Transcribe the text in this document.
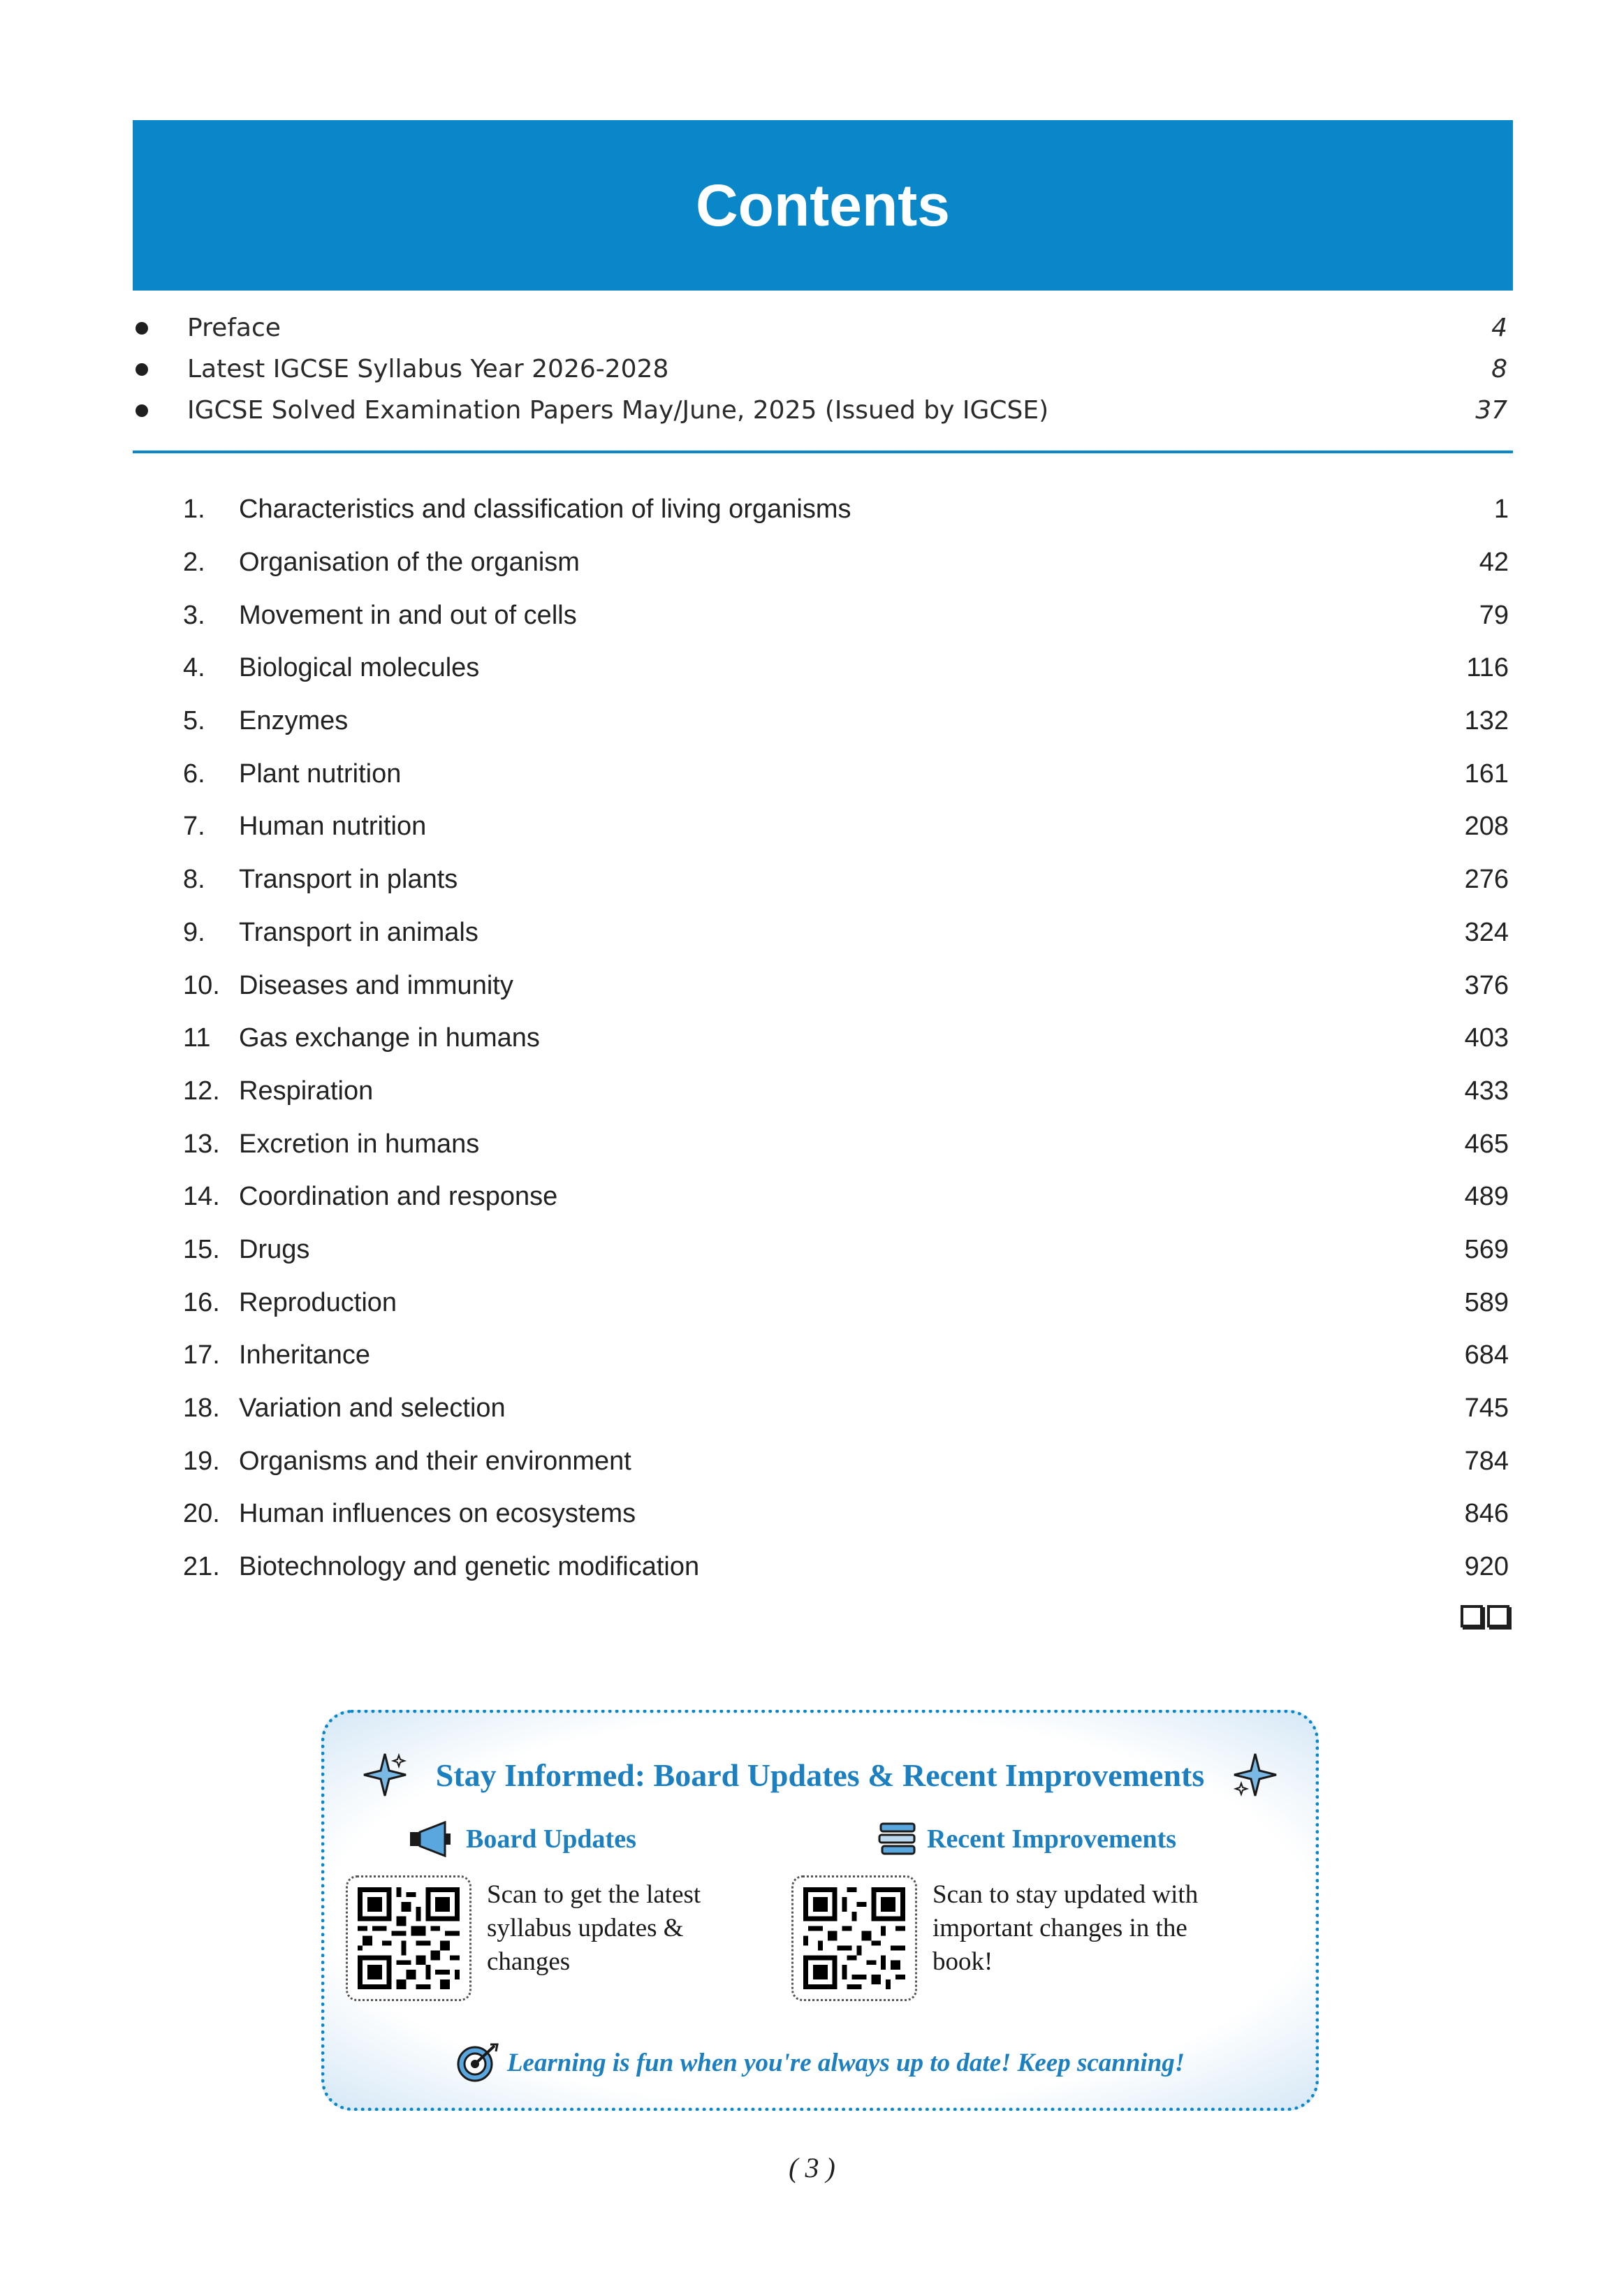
Contents
Preface	4
Latest IGCSE Syllabus Year 2026-2028	8
IGCSE Solved Examination Papers May/June, 2025 (Issued by IGCSE)	37
1.	Characteristics and classification of living organisms	1
2.	Organisation of the organism	42
3.	Movement in and out of cells	79
4.	Biological molecules	116
5.	Enzymes	132
6.	Plant nutrition	161
7.	Human nutrition	208
8.	Transport in plants	276
9.	Transport in animals	324
10. Diseases and immunity	376
11	Gas exchange in humans	403
12. Respiration	433
13. Excretion in humans	465
14. Coordination and response	489
15. Drugs	569
16. Reproduction	589
17. Inheritance	684
18. Variation and selection	745
19. Organisms and their environment	784
20. Human influences on ecosystems	846
21. Biotechnology and genetic modification	920
Stay Informed: Board Updates & Recent Improvements
Board Updates	Recent Improvements
Scan to get the latest syllabus updates & changes
Scan to stay updated with important changes in the book!
Learning is fun when you're always up to date! Keep scanning!
( 3 )
